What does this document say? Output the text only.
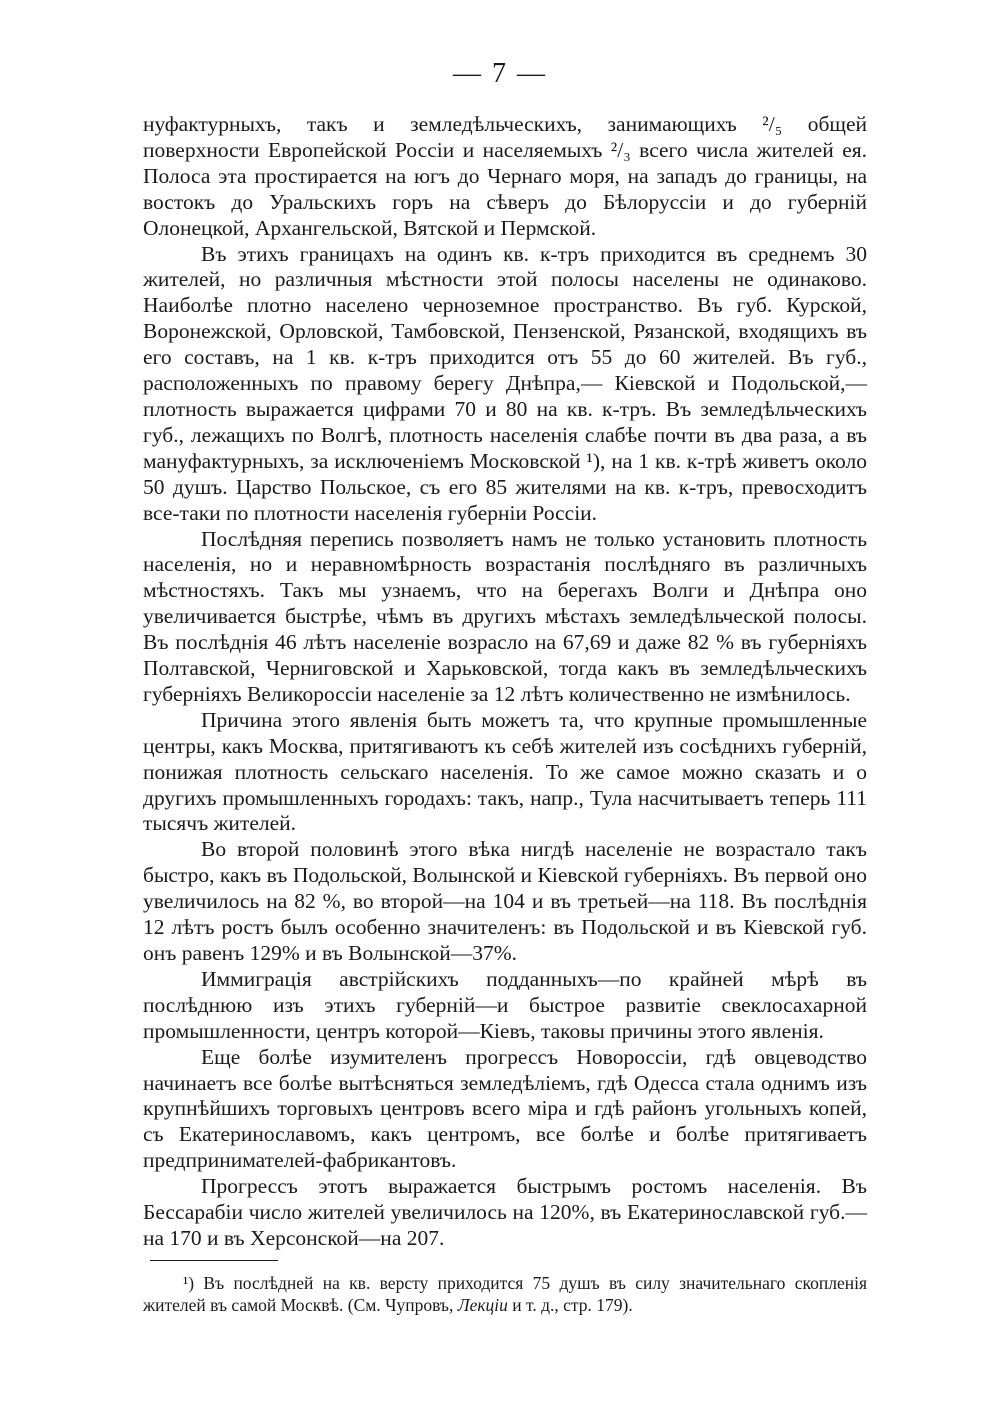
— 7 —

нуфактурныхъ, такъ и земледѣльческихъ, занимающихъ ²/₅ общей поверхности Европейской Россіи и населяемыхъ ²/₃ всего числа жителей ея. Полоса эта простирается на югъ до Чернаго моря, на западъ до границы, на востокъ до Уральскихъ горъ на сѣверъ до Бѣлоруссіи и до губерній Олонецкой, Архангельской, Вятской и Пермской.

Въ этихъ границахъ на одинъ кв. к-тръ приходится въ среднемъ 30 жителей, но различныя мѣстности этой полосы населены не одинаково. Наиболѣе плотно населено черноземное пространство. Въ губ. Курской, Воронежской, Орловской, Тамбовской, Пензенской, Рязанской, входящихъ въ его составъ, на 1 кв. к-тръ приходится отъ 55 до 60 жителей. Въ губ., расположенныхъ по правому берегу Днѣпра,— Кіевской и Подольской,— плотность выражается цифрами 70 и 80 на кв. к-тръ. Въ земледѣльческихъ губ., лежащихъ по Волгѣ, плотность населенія слабѣе почти въ два раза, а въ мануфактурныхъ, за исключеніемъ Московской ¹), на 1 кв. к-трѣ живетъ около 50 душъ. Царство Польское, съ его 85 жителями на кв. к-тръ, превосходитъ все-таки по плотности населенія губерніи Россіи.

Послѣдняя перепись позволяетъ намъ не только установить плотность населенія, но и неравномѣрность возрастанія послѣдняго въ различныхъ мѣстностяхъ. Такъ мы узнаемъ, что на берегахъ Волги и Днѣпра оно увеличивается быстрѣе, чѣмъ въ другихъ мѣстахъ земледѣльческой полосы. Въ послѣднія 46 лѣтъ населеніе возрасло на 67,69 и даже 82 % въ губерніяхъ Полтавской, Черниговской и Харьковской, тогда какъ въ земледѣльческихъ губерніяхъ Великороссіи населеніе за 12 лѣтъ количественно не измѣнилось.

Причина этого явленія быть можетъ та, что крупные промышленные центры, какъ Москва, притягиваютъ къ себѣ жителей изъ сосѣднихъ губерній, понижая плотность сельскаго населенія. То же самое можно сказать и о другихъ промышленныхъ городахъ: такъ, напр., Тула насчитываетъ теперь 111 тысячъ жителей.

Во второй половинѣ этого вѣка нигдѣ населеніе не возрастало такъ быстро, какъ въ Подольской, Волынской и Кіевской губерніяхъ. Въ первой оно увеличилось на 82 %, во второй—на 104 и въ третьей—на 118. Въ послѣднія 12 лѣтъ ростъ былъ особенно значителенъ: въ Подольской и въ Кіевской губ. онъ равенъ 129% и въ Волынской—37%.

Иммиграція австрійскихъ подданныхъ—по крайней мѣрѣ въ послѣднюю изъ этихъ губерній—и быстрое развитіе свеклосахарной промышленности, центръ которой—Кіевъ, таковы причины этого явленія.

Еще болѣе изумителенъ прогрессъ Новороссіи, гдѣ овцеводство начинаетъ все болѣе вытѣсняться земледѣліемъ, гдѣ Одесса стала однимъ изъ крупнѣйшихъ торговыхъ центровъ всего міра и гдѣ районъ угольныхъ копей, съ Екатеринославомъ, какъ центромъ, все болѣе и болѣе притягиваетъ предпринимателей-фабрикантовъ.

Прогрессъ этотъ выражается быстрымъ ростомъ населенія. Въ Бессарабіи число жителей увеличилось на 120%, въ Екатеринославской губ.— на 170 и въ Херсонской—на 207.

¹) Въ послѣдней на кв. версту приходится 75 душъ въ силу значительнаго скопленія жителей въ самой Москвѣ. (См. Чупровъ, Лекціи и т. д., стр. 179).
